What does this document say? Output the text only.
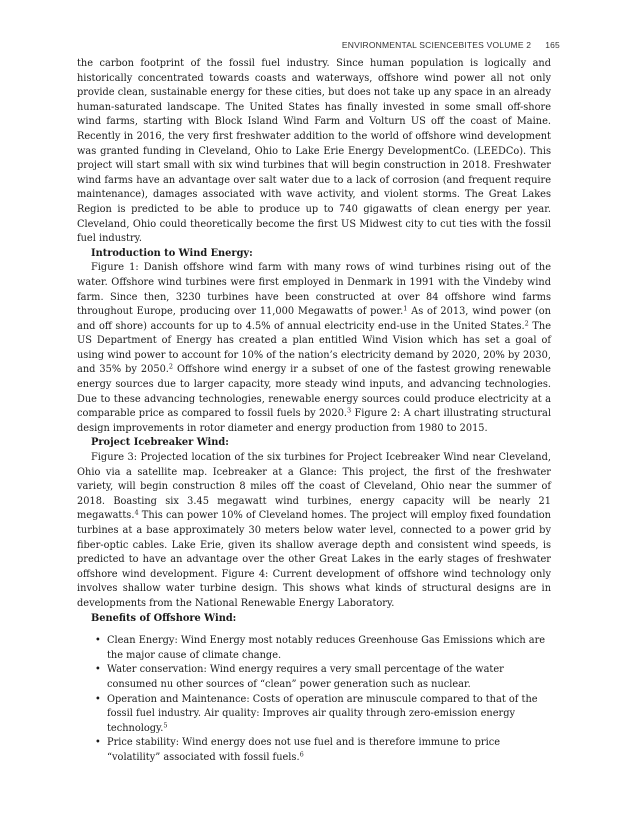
ENVIRONMENTAL SCIENCEBITES VOLUME 2 165

the carbon footprint of the fossil fuel industry. Since human population is logically and historically concentrated towards coasts and waterways, offshore wind power all not only provide clean, sustainable energy for these cities, but does not take up any space in an already human-saturated landscape. The United States has finally invested in some small off-shore wind farms, starting with Block Island Wind Farm and Volturn US off the coast of Maine. Recently in 2016, the very first freshwater addition to the world of offshore wind development was granted funding in Cleveland, Ohio to Lake Erie Energy DevelopmentCo. (LEEDCo). This project will start small with six wind turbines that will begin construction in 2018. Freshwater wind farms have an advantage over salt water due to a lack of corrosion (and frequent require maintenance), damages associated with wave activity, and violent storms. The Great Lakes Region is predicted to be able to produce up to 740 gigawatts of clean energy per year. Cleveland, Ohio could theoretically become the first US Midwest city to cut ties with the fossil fuel industry.

Introduction to Wind Energy:

Figure 1: Danish offshore wind farm with many rows of wind turbines rising out of the water. Offshore wind turbines were first employed in Denmark in 1991 with the Vindeby wind farm. Since then, 3230 turbines have been constructed at over 84 offshore wind farms throughout Europe, producing over 11,000 Megawatts of power.$^1$ As of 2013, wind power (on and off shore) accounts for up to 4.5% of annual electricity end-use in the United States.$^2$ The US Department of Energy has created a plan entitled Wind Vision which has set a goal of using wind power to account for 10% of the nation’s electricity demand by 2020, 20% by 2030, and 35% by 2050.$^2$ Offshore wind energy ir a subset of one of the fastest growing renewable energy sources due to larger capacity, more steady wind inputs, and advancing technologies. Due to these advancing technologies, renewable energy sources could produce electricity at a comparable price as compared to fossil fuels by 2020.$^3$ Figure 2: A chart illustrating structural design improvements in rotor diameter and energy production from 1980 to 2015.

Project Icebreaker Wind:

Figure 3: Projected location of the six turbines for Project Icebreaker Wind near Cleveland, Ohio via a satellite map. Icebreaker at a Glance: This project, the first of the freshwater variety, will begin construction 8 miles off the coast of Cleveland, Ohio near the summer of 2018. Boasting six 3.45 megawatt wind turbines, energy capacity will be nearly 21 megawatts.$^4$ This can power 10% of Cleveland homes. The project will employ fixed foundation turbines at a base approximately 30 meters below water level, connected to a power grid by fiber-optic cables. Lake Erie, given its shallow average depth and consistent wind speeds, is predicted to have an advantage over the other Great Lakes in the early stages of freshwater offshore wind development. Figure 4: Current development of offshore wind technology only involves shallow water turbine design. This shows what kinds of structural designs are in developments from the National Renewable Energy Laboratory.

Benefits of Offshore Wind:
• Clean Energy: Wind Energy most notably reduces Greenhouse Gas Emissions which are the major cause of climate change.
• Water conservation: Wind energy requires a very small percentage of the water consumed nu other sources of “clean” power generation such as nuclear.
• Operation and Maintenance: Costs of operation are minuscule compared to that of the fossil fuel industry. Air quality: Improves air quality through zero-emission energy technology.$^5$
• Price stability: Wind energy does not use fuel and is therefore immune to price “volatility” associated with fossil fuels.$^6$
